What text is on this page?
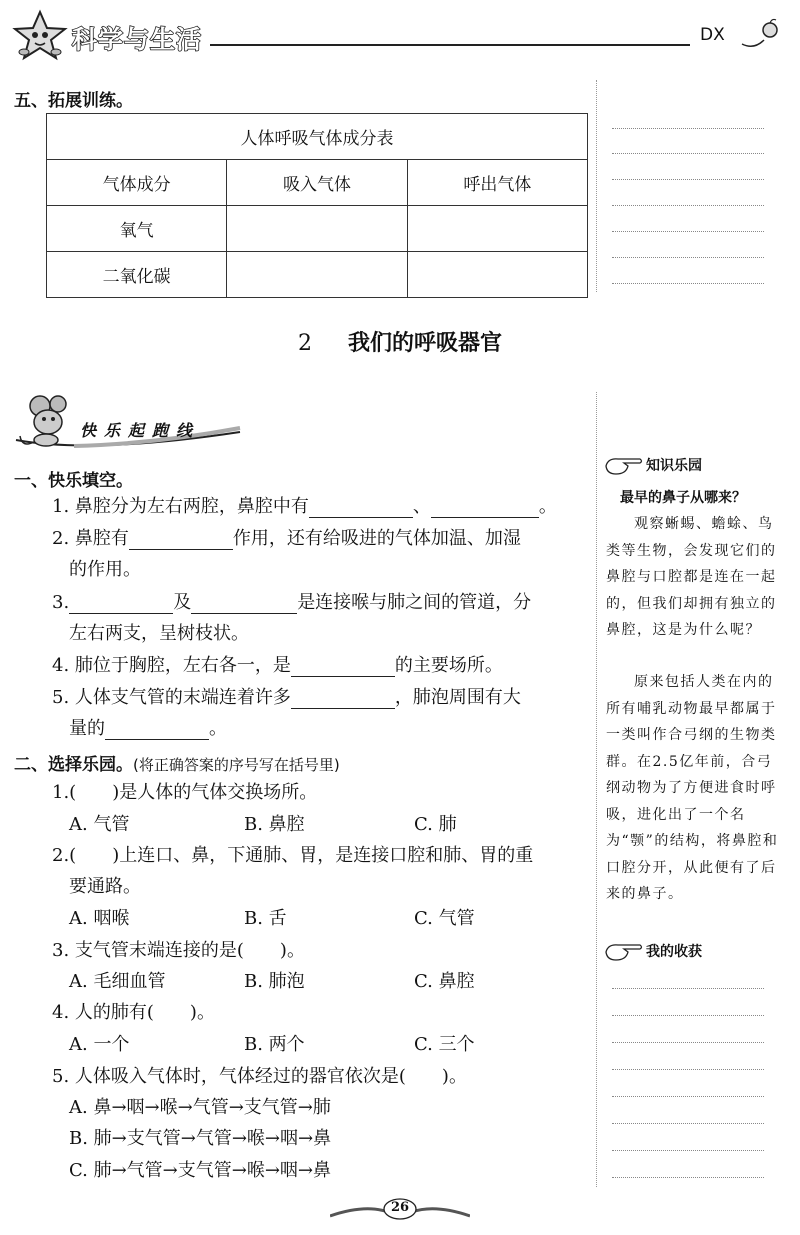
科学与生活	DX
五、拓展训练。
人体呼吸气体成分表		
气体成分	吸入气体	呼出气体
氧气		
二氧化碳		
2 我们的呼吸器官
快乐起跑线
一、快乐填空。
1. 鼻腔分为左右两腔，鼻腔中有	、	。
2. 鼻腔有	作用，还有给吸进的气体加温、加湿
的作用。
3.	及	是连接喉与肺之间的管道，分
左右两支，呈树枝状。
4. 肺位于胸腔，左右各一，是	的主要场所。
5. 人体支气管的末端连着许多	，肺泡周围有大
量的	。
二、选择乐园。(将正确答案的序号写在括号里)
1.(　　)是人体的气体交换场所。
A. 气管	B. 鼻腔	C. 肺
2.(　　)上连口、鼻，下通肺、胃，是连接口腔和肺、胃的重
要通路。
A. 咽喉	B. 舌	C. 气管
3. 支气管末端连接的是(　　)。
A. 毛细血管	B. 肺泡	C. 鼻腔
4. 人的肺有(　　)。
A. 一个	B. 两个	C. 三个
5. 人体吸入气体时，气体经过的器官依次是(　　)。
A. 鼻→咽→喉→气管→支气管→肺
B. 肺→支气管→气管→喉→咽→鼻
C. 肺→气管→支气管→喉→咽→鼻
知识乐园
最早的鼻子从哪来？
观察蜥蜴、蟾蜍、鸟类等生物，会发现它们的鼻腔与口腔都是连在一起的，但我们却拥有独立的鼻腔，这是为什么呢？
原来包括人类在内的所有哺乳动物最早都属于一类叫作合弓纲的生物类群。在2.5亿年前，合弓纲动物为了方便进食时呼吸，进化出了一个名为“颚”的结构，将鼻腔和口腔分开，从此便有了后来的鼻子。
我的收获
26
